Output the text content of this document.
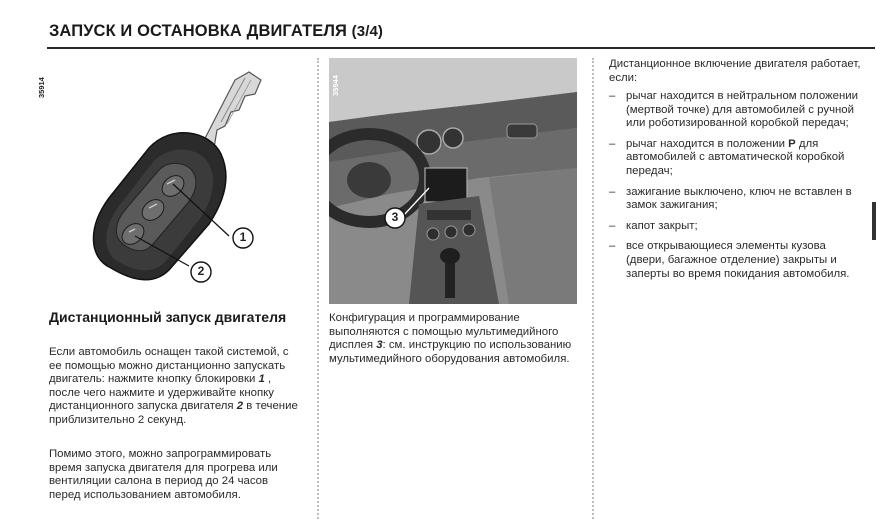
ЗАПУСК И ОСТАНОВКА ДВИГАТЕЛЯ (3/4)
35914
1
2
35944
3
Дистанционный запуск двигателя
Если автомобиль оснащен такой системой, с ее помощью можно дистанционно запускать двигатель: нажмите кнопку блокировки 1 , после чего нажмите и удерживайте кнопку дистанционного запуска двигателя 2 в течение приблизительно 2 секунд.
Помимо этого, можно запрограммировать время запуска двигателя для прогрева или вентиляции салона в период до 24 часов перед использованием автомобиля.
Конфигурация и программирование выполняются с помощью мультимедийного дисплея 3: см. инструкцию по использованию мультимедийного оборудования автомобиля.
Дистанционное включение двигателя работает, если:
– рычаг находится в нейтральном положении (мертвой точке) для автомобилей с ручной или роботизированной коробкой передач;
– рычаг находится в положении P для автомобилей с автоматической коробкой передач;
– зажигание выключено, ключ не вставлен в замок зажигания;
– капот закрыт;
– все открывающиеся элементы кузова (двери, багажное отделение) закрыты и заперты во время покидания автомобиля.
